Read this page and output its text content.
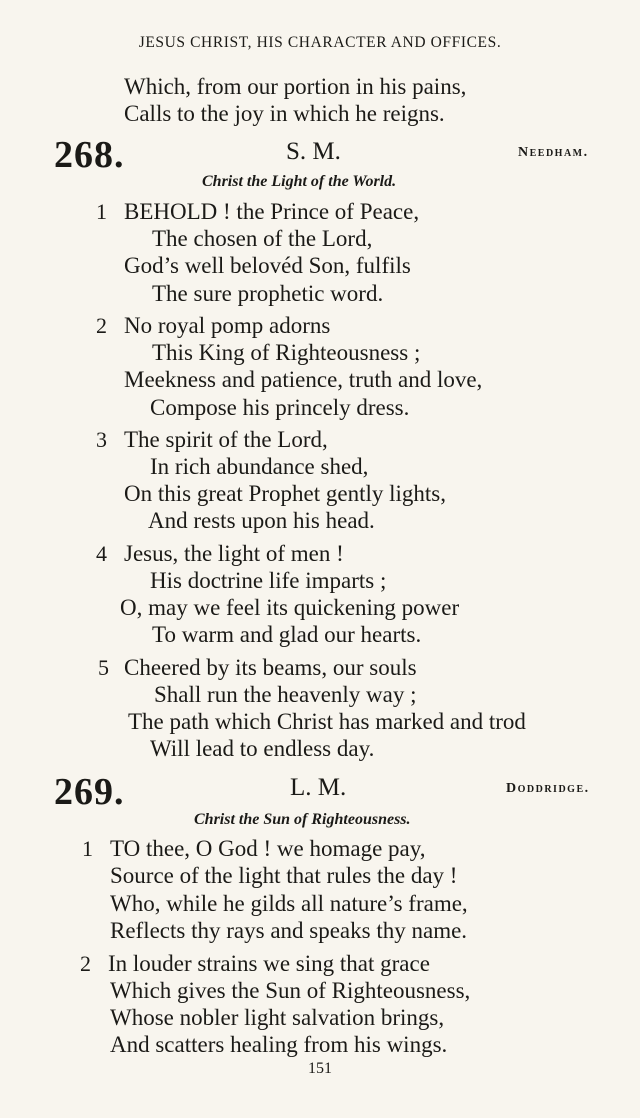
JESUS CHRIST, HIS CHARACTER AND OFFICES.
Which, from our portion in his pains,
Calls to the joy in which he reigns.
268.	S. M.	Needham.
Christ the Light of the World.
1 BEHOLD ! the Prince of Peace,
The chosen of the Lord,
God’s well belovéd Son, fulfils
The sure prophetic word.
2 No royal pomp adorns
This King of Righteousness ;
Meekness and patience, truth and love,
Compose his princely dress.
3 The spirit of the Lord,
In rich abundance shed,
On this great Prophet gently lights,
And rests upon his head.
4 Jesus, the light of men !
His doctrine life imparts ;
O, may we feel its quickening power
To warm and glad our hearts.
5 Cheered by its beams, our souls
Shall run the heavenly way ;
The path which Christ has marked and trod
Will lead to endless day.
269.	L. M.	Doddridge.
Christ the Sun of Righteousness.
1 TO thee, O God ! we homage pay,
Source of the light that rules the day !
Who, while he gilds all nature’s frame,
Reflects thy rays and speaks thy name.
2 In louder strains we sing that grace
Which gives the Sun of Righteousness,
Whose nobler light salvation brings,
And scatters healing from his wings.
151
